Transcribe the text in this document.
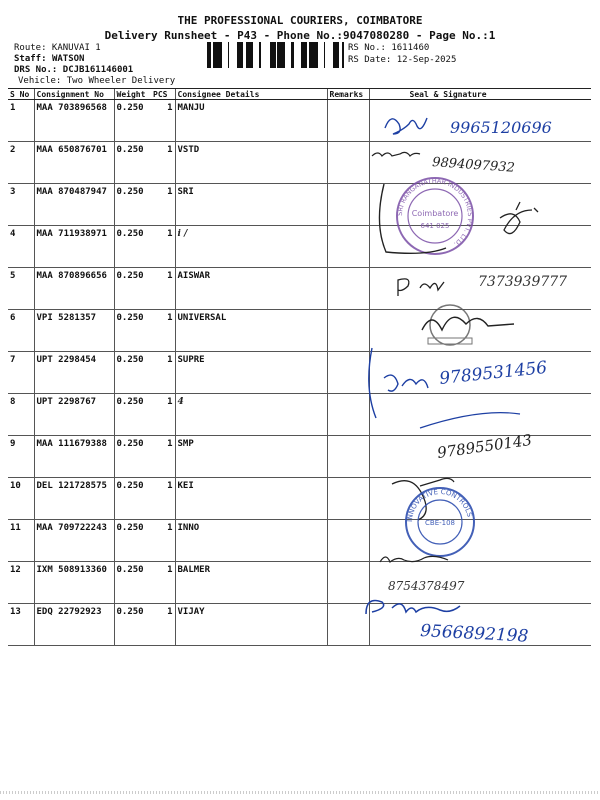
THE PROFESSIONAL COURIERS, COIMBATORE
Delivery Runsheet - P43 - Phone No.:9047080280 - Page No.:1
Route: KANUVAI 1
Staff: WATSON
DRS No.: DCJB161146001
Vehicle: Two Wheeler Delivery
RS No.: 1611460
RS Date: 12-Sep-2025
S No	Consignment No	Weight	PCS	Consignee Details	Remarks	Seal & Signature
1	MAA 703896568	0.250	1	MANJU		
2	MAA 650876701	0.250	1	VSTD		
3	MAA 870487947	0.250	1	SRI		
4	MAA 711938971	0.250	1	i /		
5	MAA 870896656	0.250	1	AISWAR		
6	VPI 5281357	0.250	1	UNIVERSAL		
7	UPT 2298454	0.250	1	SUPRE		
8	UPT 2298767	0.250	1	4		
9	MAA 111679388	0.250	1	SMP		
10	DEL 121728575	0.250	1	KEI		
11	MAA 709722243	0.250	1	INNO		
12	IXM 508913360	0.250	1	BALMER		
13	EDQ 22792923	0.250	1	VIJAY		
9965120696
9894097932
SRI RANGANATHAR INDUSTRIES PVT. LTD.
Coimbatore
641 025
7373939777
9789531456
9789550143
INNOVATIVE CONTROLS
CBE-108
8754378497
9566892198
